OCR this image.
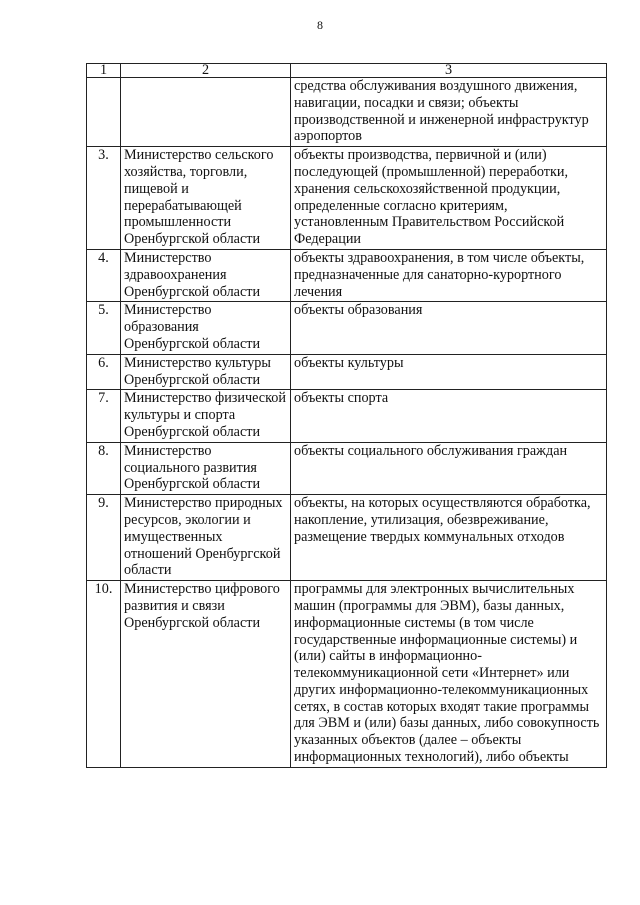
8
1	2	3
		средства обслуживания воздушного движения, навигации, посадки и связи; объекты производственной и инженерной инфраструктур аэропортов
3.	Министерство сельского хозяйства, торговли, пищевой и перерабатывающей промышленности Оренбургской области	объекты производства, первичной и (или) последующей (промышленной) переработки, хранения сельскохозяйственной продукции, определенные согласно критериям, установленным Правительством Российской Федерации
4.	Министерство здравоохранения Оренбургской области	объекты здравоохранения, в том числе объекты, предназначенные для санаторно-курортного лечения
5.	Министерство образования Оренбургской области	объекты образования
6.	Министерство культуры Оренбургской области	объекты культуры
7.	Министерство физической культуры и спорта Оренбургской области	объекты спорта
8.	Министерство социального развития Оренбургской области	объекты социального обслуживания граждан
9.	Министерство природных ресурсов, экологии и имущественных отношений Оренбургской области	объекты, на которых осуществляются обработка, накопление, утилизация, обезвреживание, размещение твердых коммунальных отходов
10.	Министерство цифрового развития и связи Оренбургской области	программы для электронных вычислительных машин (программы для ЭВМ), базы данных, информационные системы (в том числе государственные информационные системы) и (или) сайты в информационно-телекоммуникационной сети «Интернет» или других информационно-телекоммуникационных сетях, в состав которых входят такие программы для ЭВМ и (или) базы данных, либо совокупность указанных объектов (далее – объекты информационных технологий), либо объекты
